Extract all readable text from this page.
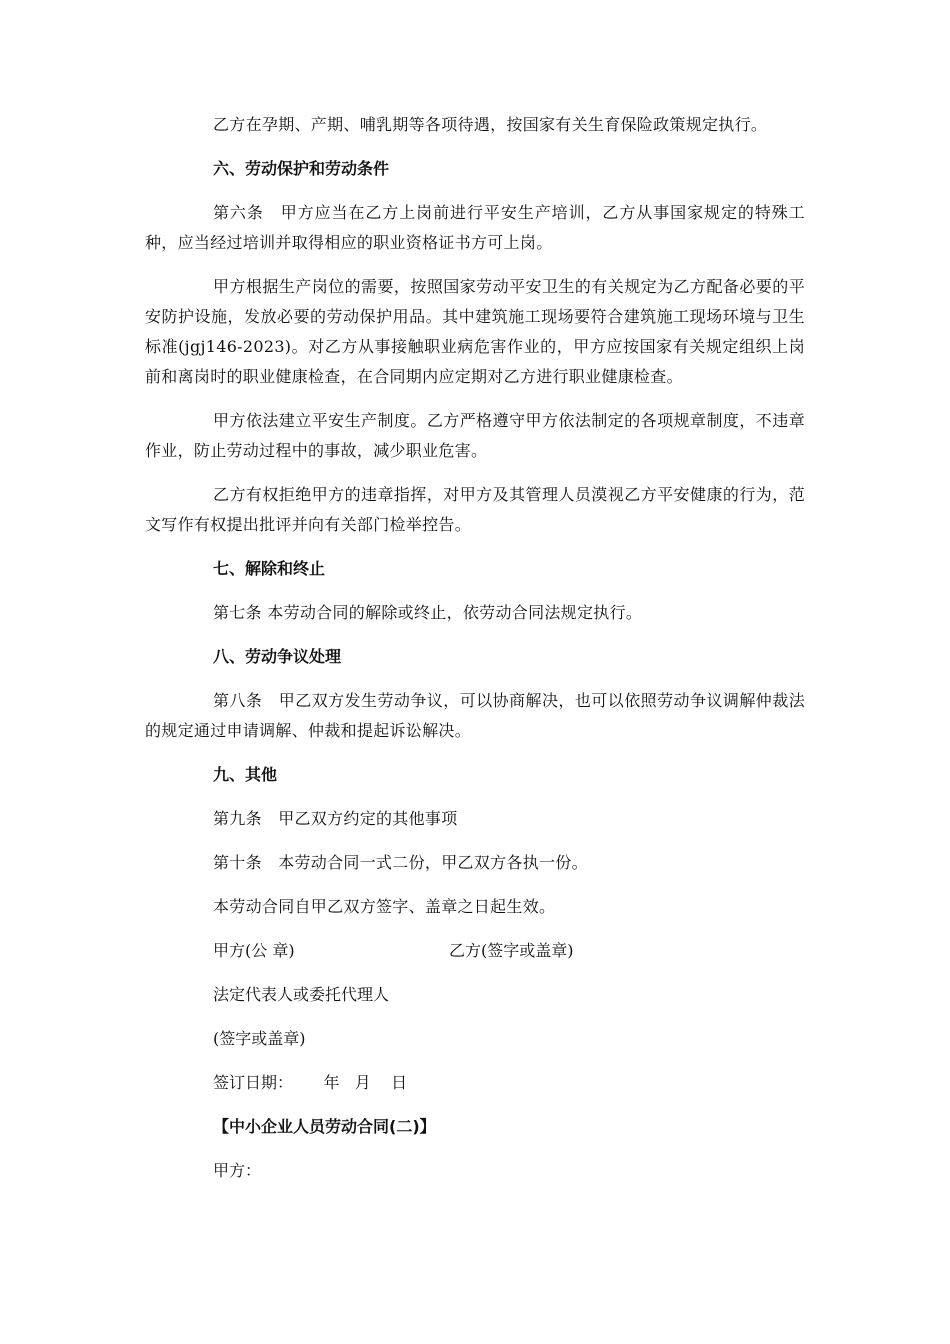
乙方在孕期、产期、哺乳期等各项待遇，按国家有关生育保险政策规定执行。

六、劳动保护和劳动条件

第六条　甲方应当在乙方上岗前进行平安生产培训，乙方从事国家规定的特殊工种，应当经过培训并取得相应的职业资格证书方可上岗。

甲方根据生产岗位的需要，按照国家劳动平安卫生的有关规定为乙方配备必要的平安防护设施，发放必要的劳动保护用品。其中建筑施工现场要符合建筑施工现场环境与卫生标准(jgj146-2023)。对乙方从事接触职业病危害作业的，甲方应按国家有关规定组织上岗前和离岗时的职业健康检查，在合同期内应定期对乙方进行职业健康检查。

甲方依法建立平安生产制度。乙方严格遵守甲方依法制定的各项规章制度，不违章作业，防止劳动过程中的事故，减少职业危害。

乙方有权拒绝甲方的违章指挥，对甲方及其管理人员漠视乙方平安健康的行为，范文写作有权提出批评并向有关部门检举控告。

七、解除和终止

第七条 本劳动合同的解除或终止，依劳动合同法规定执行。

八、劳动争议处理

第八条　甲乙双方发生劳动争议，可以协商解决，也可以依照劳动争议调解仲裁法的规定通过申请调解、仲裁和提起诉讼解决。

九、其他

第九条　甲乙双方约定的其他事项

第十条　本劳动合同一式二份，甲乙双方各执一份。

本劳动合同自甲乙双方签字、盖章之日起生效。

甲方(公 章)	乙方(签字或盖章)

法定代表人或委托代理人

(签字或盖章)

签订日期：      年   月    日

【中小企业人员劳动合同(二)】

甲方：
